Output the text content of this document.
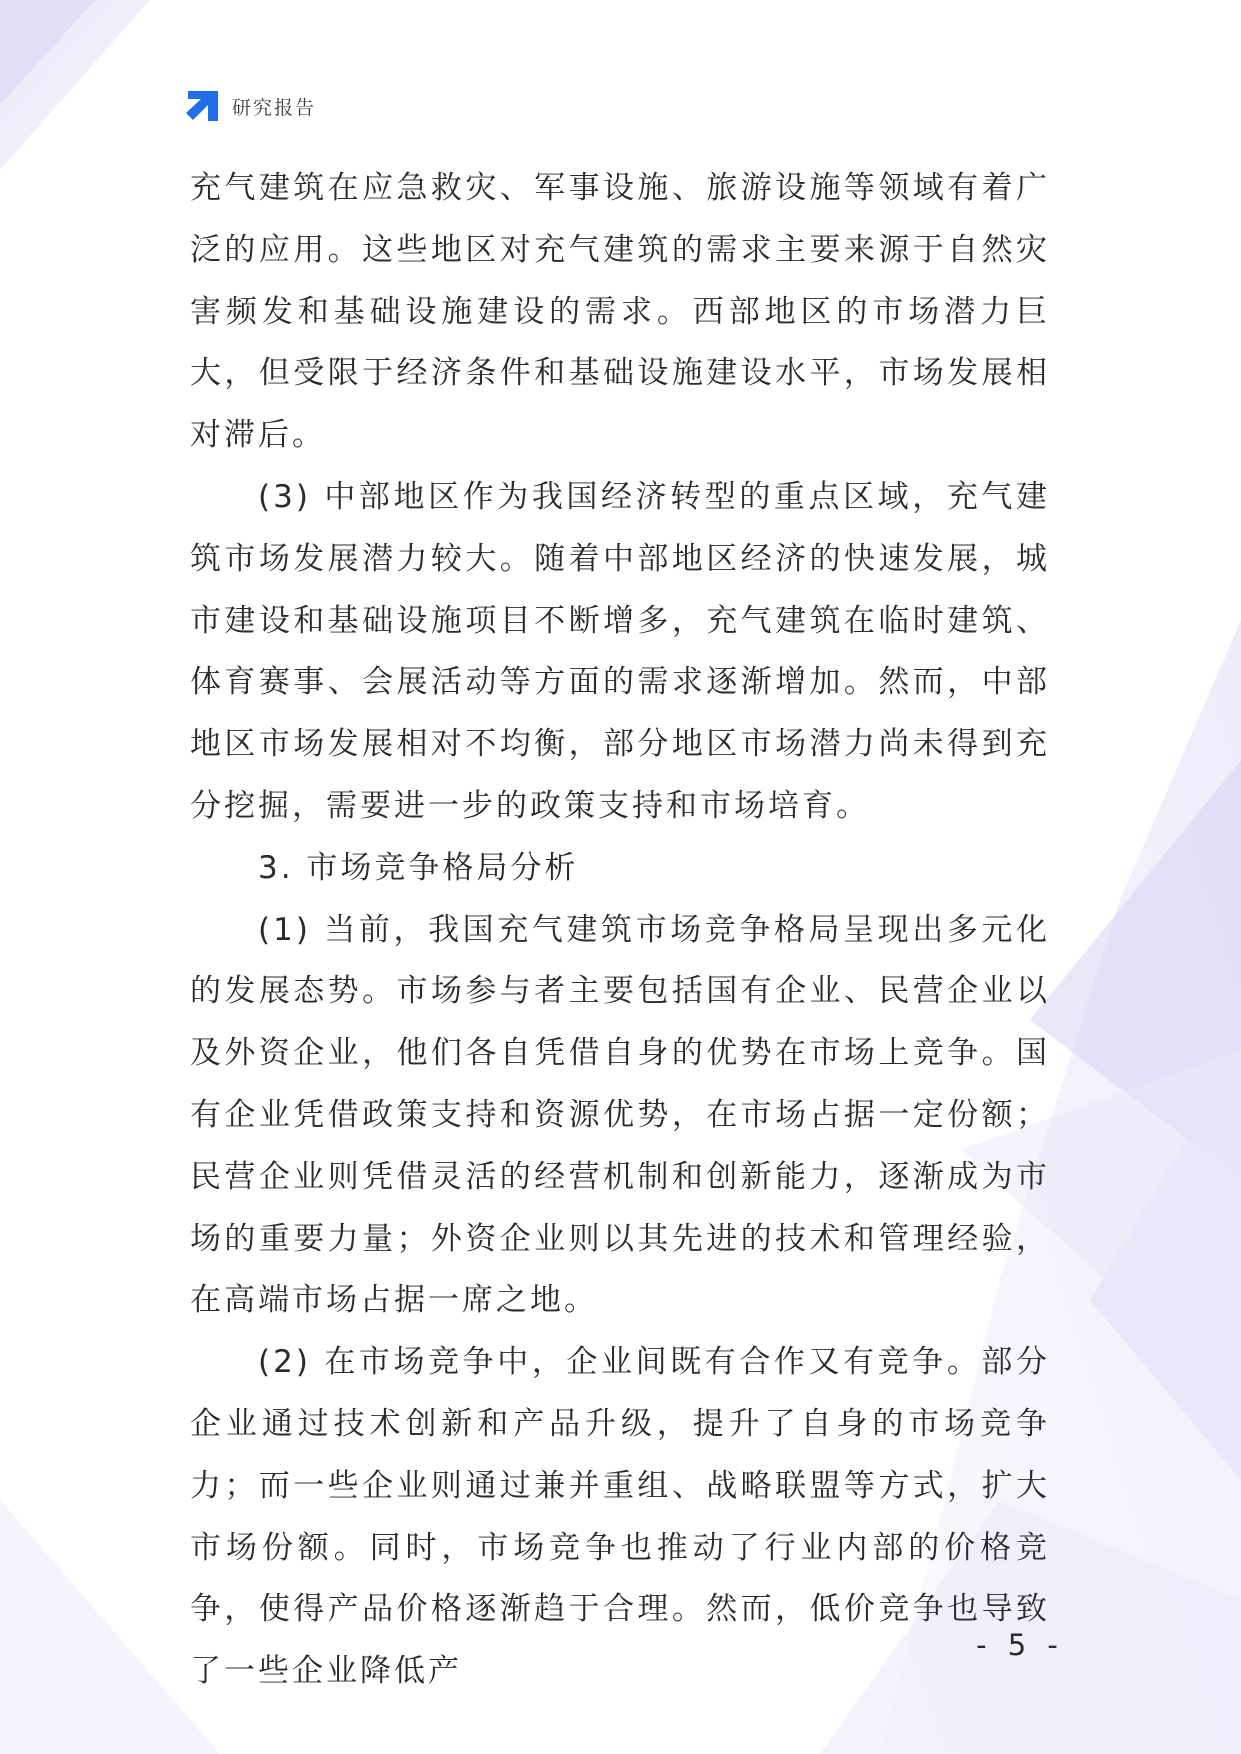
研究报告

充气建筑在应急救灾、军事设施、旅游设施等领域有着广泛的应用。这些地区对充气建筑的需求主要来源于自然灾害频发和基础设施建设的需求。西部地区的市场潜力巨大，但受限于经济条件和基础设施建设水平，市场发展相对滞后。

(3) 中部地区作为我国经济转型的重点区域，充气建筑市场发展潜力较大。随着中部地区经济的快速发展，城市建设和基础设施项目不断增多，充气建筑在临时建筑、体育赛事、会展活动等方面的需求逐渐增加。然而，中部地区市场发展相对不均衡，部分地区市场潜力尚未得到充分挖掘，需要进一步的政策支持和市场培育。

3. 市场竞争格局分析

(1) 当前，我国充气建筑市场竞争格局呈现出多元化的发展态势。市场参与者主要包括国有企业、民营企业以及外资企业，他们各自凭借自身的优势在市场上竞争。国有企业凭借政策支持和资源优势，在市场占据一定份额；民营企业则凭借灵活的经营机制和创新能力，逐渐成为市场的重要力量；外资企业则以其先进的技术和管理经验，在高端市场占据一席之地。

(2) 在市场竞争中，企业间既有合作又有竞争。部分企业通过技术创新和产品升级，提升了自身的市场竞争力；而一些企业则通过兼并重组、战略联盟等方式，扩大市场份额。同时，市场竞争也推动了行业内部的价格竞争，使得产品价格逐渐趋于合理。然而，低价竞争也导致了一些企业降低产

- 5 -
